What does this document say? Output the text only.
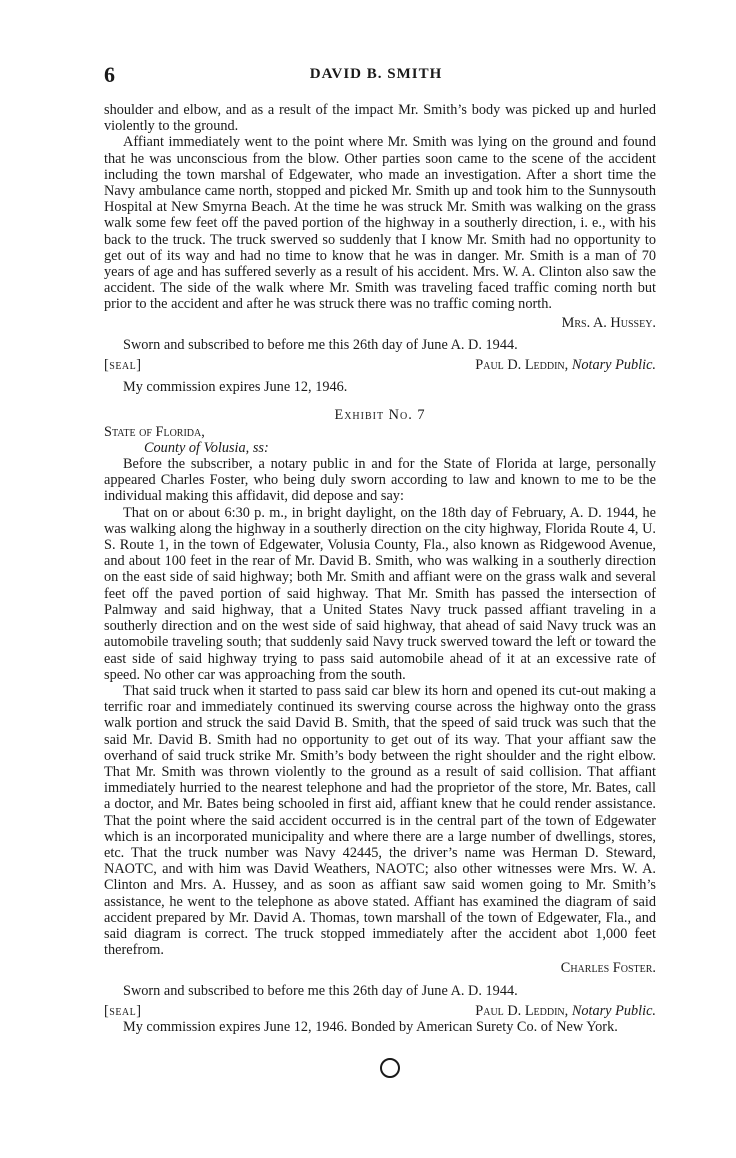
6	DAVID B. SMITH

shoulder and elbow, and as a result of the impact Mr. Smith’s body was picked up and hurled violently to the ground.

Affiant immediately went to the point where Mr. Smith was lying on the ground and found that he was unconscious from the blow. Other parties soon came to the scene of the accident including the town marshal of Edgewater, who made an investigation. After a short time the Navy ambulance came north, stopped and picked Mr. Smith up and took him to the Sunnysouth Hospital at New Smyrna Beach. At the time he was struck Mr. Smith was walking on the grass walk some few feet off the paved portion of the highway in a southerly direction, i. e., with his back to the truck. The truck swerved so suddenly that I know Mr. Smith had no opportunity to get out of its way and had no time to know that he was in danger. Mr. Smith is a man of 70 years of age and has suffered severly as a result of his accident. Mrs. W. A. Clinton also saw the accident. The side of the walk where Mr. Smith was traveling faced traffic coming north but prior to the accident and after he was struck there was no traffic coming north.

Mrs. A. Hussey.

Sworn and subscribed to before me this 26th day of June A. D. 1944.

[seal]	Paul D. Leddin, Notary Public.

My commission expires June 12, 1946.

Exhibit No. 7

State of Florida,

County of Volusia, ss:

Before the subscriber, a notary public in and for the State of Florida at large, personally appeared Charles Foster, who being duly sworn according to law and known to me to be the individual making this affidavit, did depose and say:

That on or about 6:30 p. m., in bright daylight, on the 18th day of February, A. D. 1944, he was walking along the highway in a southerly direction on the city highway, Florida Route 4, U. S. Route 1, in the town of Edgewater, Volusia County, Fla., also known as Ridgewood Avenue, and about 100 feet in the rear of Mr. David B. Smith, who was walking in a southerly direction on the east side of said highway; both Mr. Smith and affiant were on the grass walk and several feet off the paved portion of said highway. That Mr. Smith has passed the intersection of Palmway and said highway, that a United States Navy truck passed affiant traveling in a southerly direction and on the west side of said highway, that ahead of said Navy truck was an automobile traveling south; that suddenly said Navy truck swerved toward the left or toward the east side of said highway trying to pass said automobile ahead of it at an excessive rate of speed. No other car was approaching from the south.

That said truck when it started to pass said car blew its horn and opened its cut-out making a terrific roar and immediately continued its swerving course across the highway onto the grass walk portion and struck the said David B. Smith, that the speed of said truck was such that the said Mr. David B. Smith had no opportunity to get out of its way. That your affiant saw the overhand of said truck strike Mr. Smith’s body between the right shoulder and the right elbow. That Mr. Smith was thrown violently to the ground as a result of said collision. That affiant immediately hurried to the nearest telephone and had the proprietor of the store, Mr. Bates, call a doctor, and Mr. Bates being schooled in first aid, affiant knew that he could render assistance. That the point where the said accident occurred is in the central part of the town of Edgewater which is an incorporated municipality and where there are a large number of dwellings, stores, etc. That the truck number was Navy 42445, the driver’s name was Herman D. Steward, NAOTC, and with him was David Weathers, NAOTC; also other witnesses were Mrs. W. A. Clinton and Mrs. A. Hussey, and as soon as affiant saw said women going to Mr. Smith’s assistance, he went to the telephone as above stated. Affiant has examined the diagram of said accident prepared by Mr. David A. Thomas, town marshall of the town of Edgewater, Fla., and said diagram is correct. The truck stopped immediately after the accident abot 1,000 feet therefrom.

Charles Foster.

Sworn and subscribed to before me this 26th day of June A. D. 1944.

[seal]	Paul D. Leddin, Notary Public.

My commission expires June 12, 1946. Bonded by American Surety Co. of New York.
